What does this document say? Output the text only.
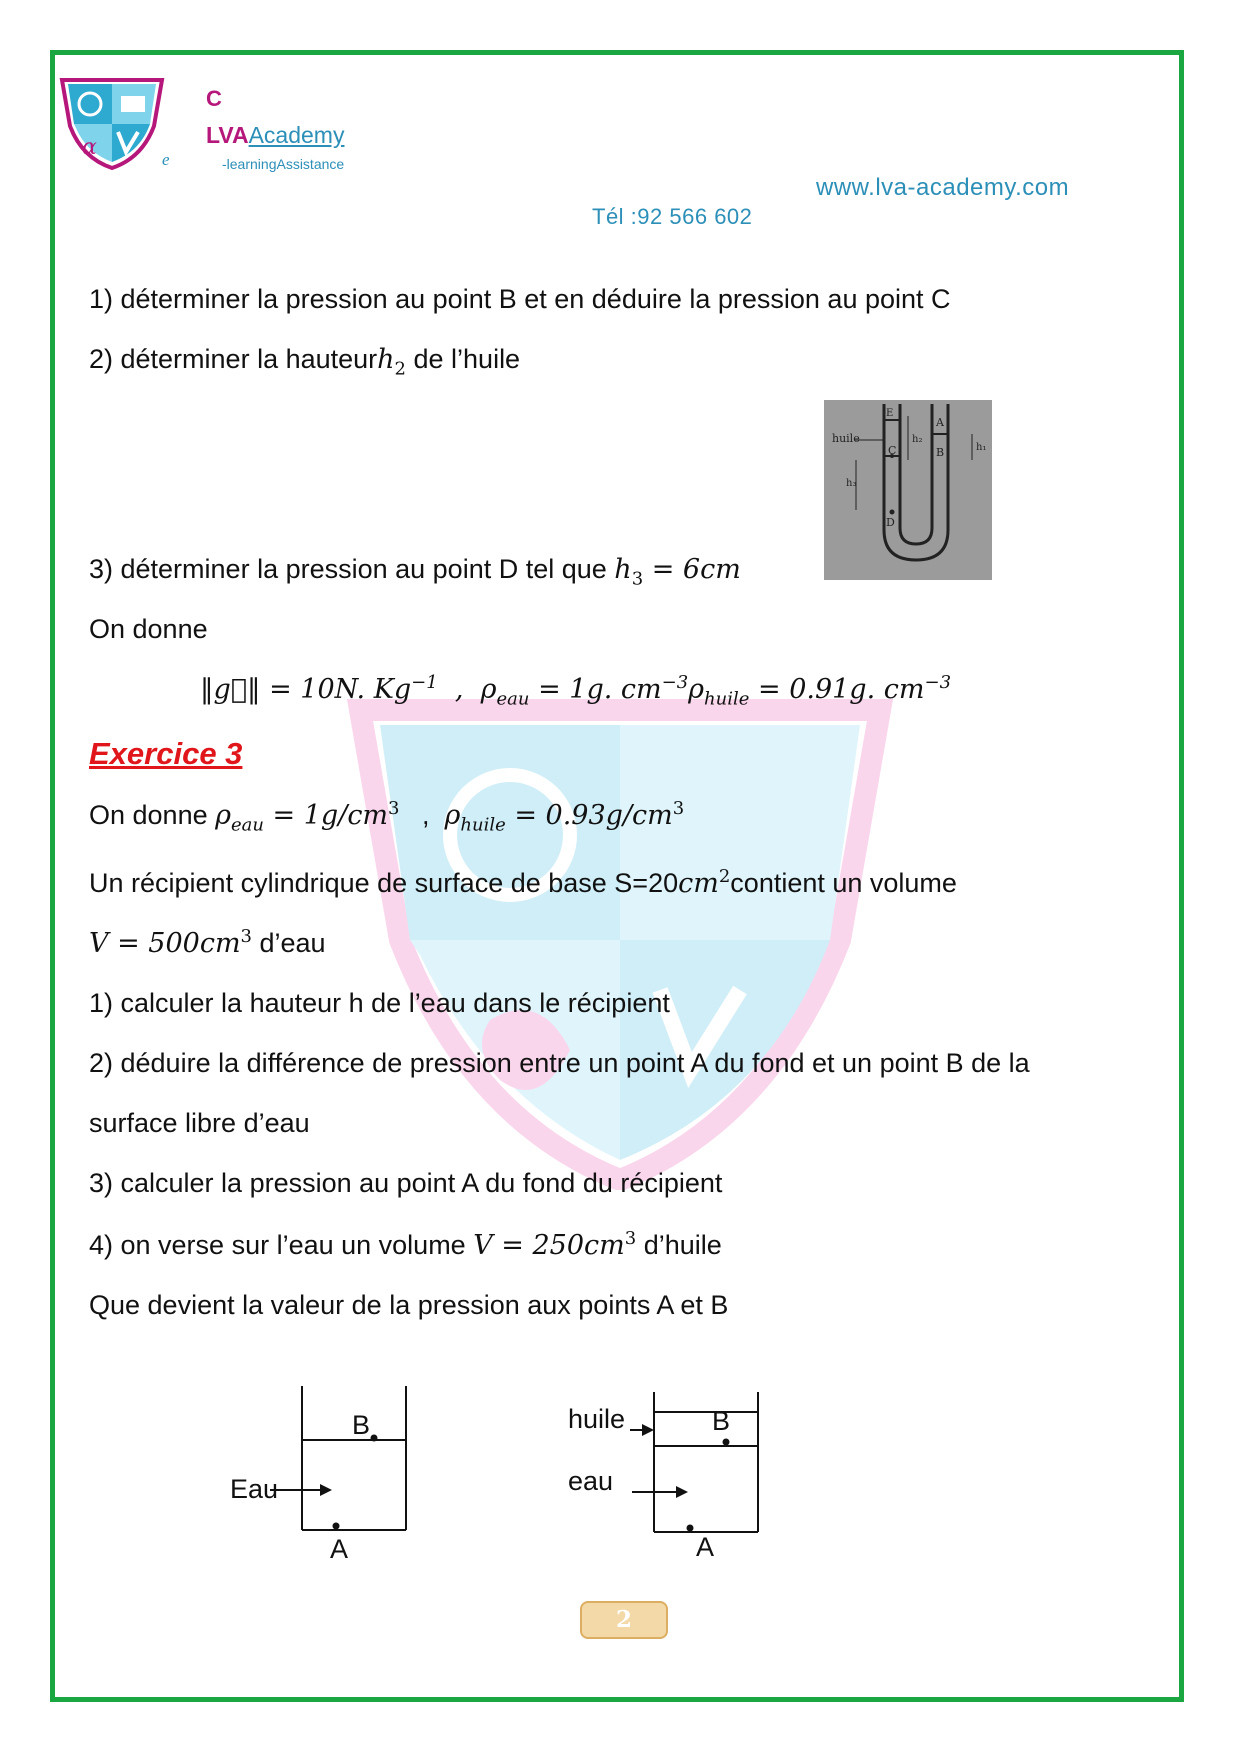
α
C
LVAAcademy
e	-learningAssistance
www.lva-academy.com
Tél :92 566 602
1) déterminer la pression au point B et en déduire la pression au point C
2) déterminer la hauteurh$_2$ de l’huile
huile
E
A
B
C
D
h₁
h₂
h₃
3) déterminer la pression au point D tel que $h_3 = 6cm$
On donne
‖g⃗‖ = 10N. $Kg^{-1}$  ,  $\rho_{eau} = 1g$. $cm^{-3}\rho_{huile} = 0.91g$. $cm^{-3}$
Exercice 3
On donne $\rho_{eau} = 1g/cm^3$   ,  $\rho_{huile} = 0.93g/cm^3$
Un récipient cylindrique de surface de base $S=20cm^2contient$ un volume
$V = 500cm^3$ d’eau
1) calculer la hauteur h de l’eau dans le récipient
2) déduire la différence de pression entre un point A du fond et un point B de la
surface libre d’eau
3) calculer la pression au point A du fond du récipient
4) on verse sur l’eau un volume $V = 250cm^3$ d’huile
Que devient la valeur de la pression aux points A et B
B
A
Eau
huile
eau
B
A
2
